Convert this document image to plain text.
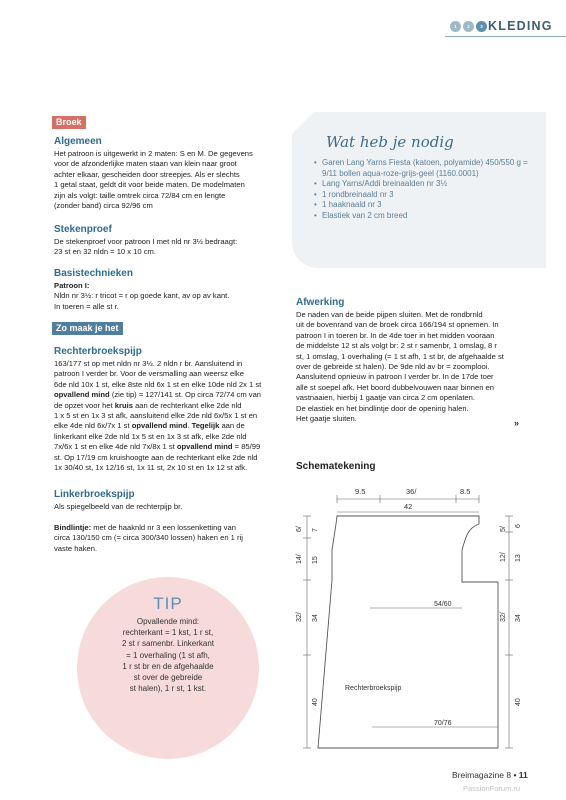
1	2	3 KLEDING
Broek
Algemeen
Het patroon is uitgewerkt in 2 maten: S en M. De gegevens
voor de afzonderlijke maten staan van klein naar groot
achter elkaar, gescheiden door streepjes. Als er slechts
1 getal staat, geldt dit voor beide maten. De modelmaten
zijn als volgt: taille omtrek circa 72/84 cm en lengte
(zonder band) circa 92/96 cm
Stekenproef
De stekenproef voor patroon I met nld nr 3½ bedraagt:
23 st en 32 nldn = 10 x 10 cm.
Basistechnieken
Patroon I:
Nldn nr 3½: r tricot = r op goede kant, av op av kant.
In toeren = alle st r.
Zo maak je het
Rechterbroekspijp
163/177 st op met nldn nr 3½. 2 nldn r br. Aansluitend in
patroon I verder br. Voor de versmalling aan weersz elke
6de nld 10x 1 st, elke 8ste nld 6x 1 st en elke 10de nld 2x 1 st
opvallend mind (zie tip) = 127/141 st. Op circa 72/74 cm van
de opzet voor het kruis aan de rechterkant elke 2de nld
1 x 5 st en 1x 3 st afk, aansluitend elke 2de nld 6x/5x 1 st en
elke 4de nld 6x/7x 1 st opvallend mind. Tegelijk aan de
linkerkant elke 2de nld 1x 5 st en 1x 3 st afk, elke 2de nld
7x/6x 1 st en elke 4de nld 7x/8x 1 st opvallend mind = 85/99
st. Op 17/19 cm kruishoogte aan de rechterkant elke 2de nld
1x 30/40 st, 1x 12/16 st, 1x 11 st, 2x 10 st en 1x 12 st afk.
Linkerbroekspijp
Als spiegelbeeld van de rechterpijp br.
Bindlintje: met de haaknld nr 3 een lossenketting van
circa 130/150 cm (= circa 300/340 lossen) haken en 1 rij
vaste haken.
TIP
Opvallende mind:
rechterkant = 1 kst, 1 r st,
2 st r samenbr. Linkerkant
= 1 overhaling (1 st afh,
1 r st br en de afgehaalde
st over de gebreide
st halen), 1 r st, 1 kst.
Wat heb je nodig
• Garen Lang Yarns Fiesta (katoen, polyamide) 450/550 g = 9/11 bollen aqua-roze-grijs-geel (1160.0001)
• Lang Yarns/Addi breinaalden nr 3½
• 1 rondbreinaald nr 3
• 1 haaknaald nr 3
• Elastiek van 2 cm breed
Afwerking
De naden van de beide pijpen sluiten. Met de rondbrnld
uit de bovenrand van de broek circa 166/194 st opnemen. In
patroon I in toeren br. In de 4de toer in het midden vooraan
de middelste 12 st als volgt br: 2 st r samenbr, 1 omslag, 8 r
st, 1 omslag, 1 overhaling (= 1 st afh, 1 st br, de afgehaalde st
over de gebreide st halen). De 9de nld av br = zoomplooi.
Aansluitend opnieuw in patroon I verder br. In de 17de toer
alle st soepel afk. Het boord dubbelvouwen naar binnen en
vastnaaien, hierbij 1 gaatje van circa 2 cm openlaten.
De elastiek en het bindlintje door de opening halen.
Het gaatje sluiten.	»
Schematekening
9.5	36/	8.5
42
6/ 7
14/ 15
32/ 34
40
5/
6
12/ 13
32/ 34
40
54/60
70/76
Rechterbroekspijp
Breimagazine 8 • 11
PassionForum.ru
